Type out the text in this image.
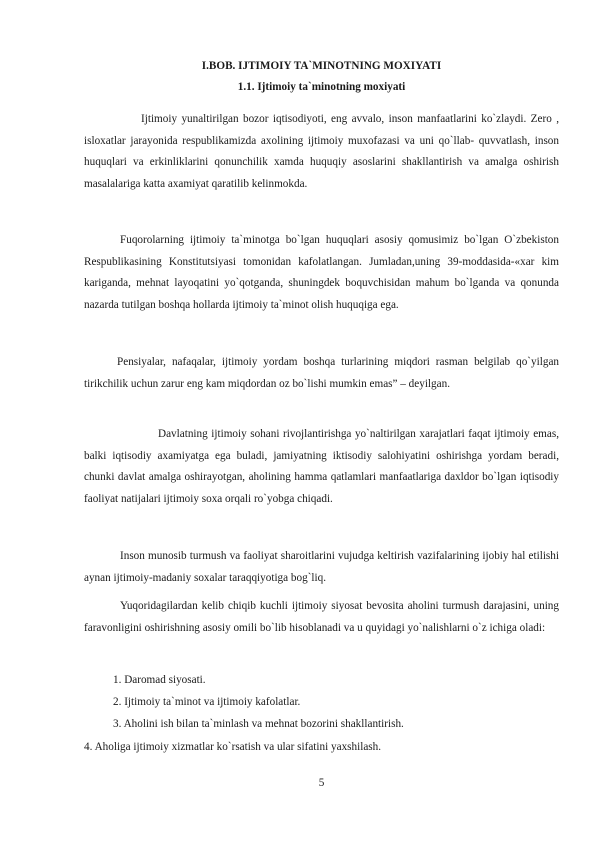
I.BOB. IJTIMOIY TA`MINOTNING MOXIYATI
1.1. Ijtimoiy ta`minotning moxiyati

Ijtimoiy yunaltirilgan bozor iqtisodiyoti, eng avvalo, inson manfaatlarini ko`zlaydi. Zero , isloxatlar jarayonida respublikamizda axolining ijtimoiy muxofazasi va uni qo`llab- quvvatlash, inson huquqlari va erkinliklarini qonunchilik xamda huquqiy asoslarini shakllantirish va amalga oshirish masalalariga katta axamiyat qaratilib kelinmokda.

Fuqorolarning ijtimoiy ta`minotga bo`lgan huquqlari asosiy qomusimiz bo`lgan O`zbekiston Respublikasining Konstitutsiyasi tomonidan kafolatlangan. Jumladan,uning 39-moddasida-«xar kim kariganda, mehnat layoqatini yo`qotganda, shuningdek boquvchisidan mahum bo`lganda va qonunda nazarda tutilgan boshqa hollarda ijtimoiy ta`minot olish huquqiga ega.

Pensiyalar, nafaqalar, ijtimoiy yordam boshqa turlarining miqdori rasman belgilab qo`yilgan tirikchilik uchun zarur eng kam miqdordan oz bo`lishi mumkin emas” – deyilgan.

Davlatning ijtimoiy sohani rivojlantirishga yo`naltirilgan xarajatlari faqat ijtimoiy emas, balki iqtisodiy axamiyatga ega buladi, jamiyatning iktisodiy salohiyatini oshirishga yordam beradi, chunki davlat amalga oshirayotgan, aholining hamma qatlamlari manfaatlariga daxldor bo`lgan iqtisodiy faoliyat natijalari ijtimoiy soxa orqali ro`yobga chiqadi.

Inson munosib turmush va faoliyat sharoitlarini vujudga keltirish vazifalarining ijobiy hal etilishi aynan ijtimoiy-madaniy soxalar taraqqiyotiga bog`liq.

Yuqoridagilardan kelib chiqib kuchli ijtimoiy siyosat bevosita aholini turmush darajasini, uning faravonligini oshirishning asosiy omili bo`lib hisoblanadi va u quyidagi yo`nalishlarni o`z ichiga oladi:

1. Daromad siyosati.
2. Ijtimoiy ta`minot va ijtimoiy kafolatlar.
3. Aholini ish bilan ta`minlash va mehnat bozorini shakllantirish.
4. Aholiga ijtimoiy xizmatlar ko`rsatish va ular sifatini yaxshilash.
5
